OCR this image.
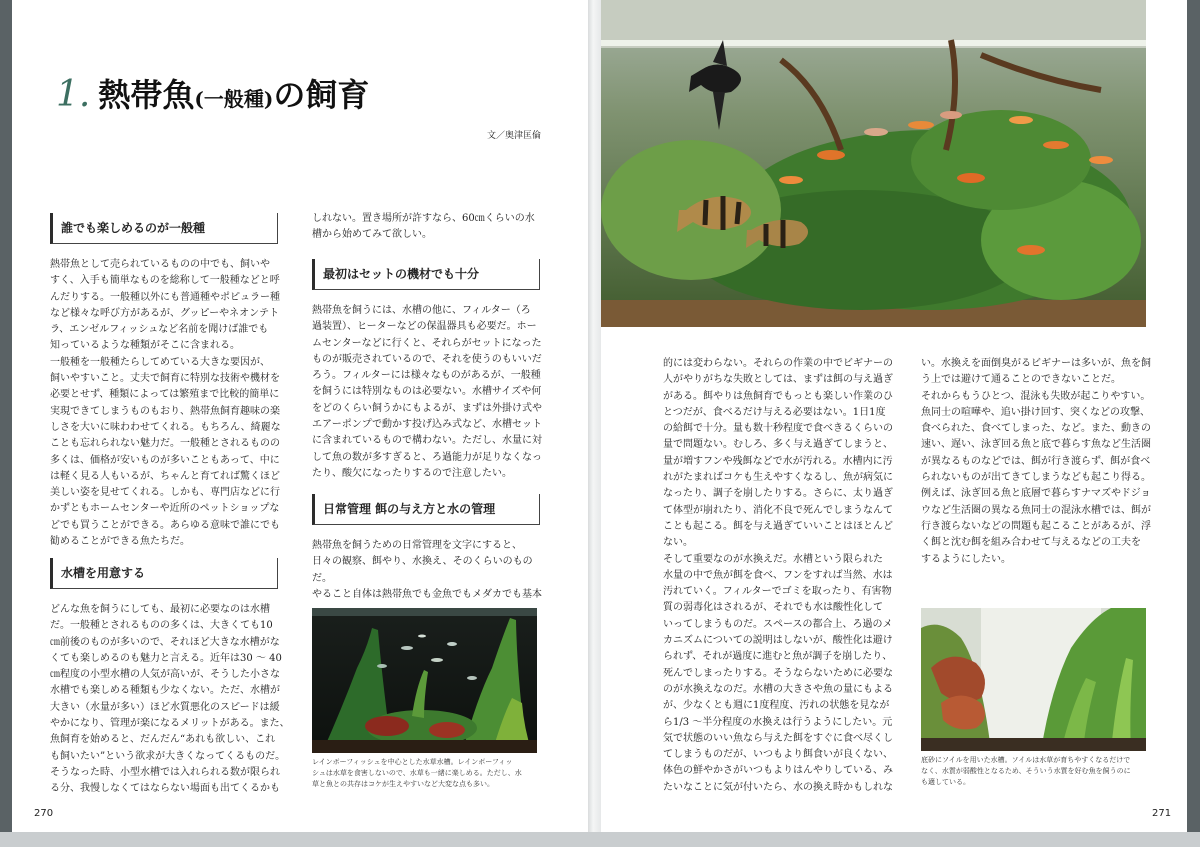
1. 熱帯魚(一般種)の飼育
文／奥津匡倫
誰でも楽しめるのが一般種
熱帯魚として売られているものの中でも、飼いや
すく、入手も簡単なものを総称して一般種などと呼
んだりする。一般種以外にも普通種やポピュラー種
など様々な呼び方があるが、グッピーやネオンテト
ラ、エンゼルフィッシュなど名前を聞けば誰でも
知っているような種類がそこに含まれる。
一般種を一般種たらしてめている大きな要因が、
飼いやすいこと。丈夫で飼育に特別な技術や機材を
必要とせず、種類によっては繁殖まで比較的簡単に
実現できてしまうものもおり、熱帯魚飼育趣味の楽
しさを大いに味わわせてくれる。もちろん、綺麗な
ことも忘れられない魅力だ。一般種とされるものの
多くは、価格が安いものが多いこともあって、中に
は軽く見る人もいるが、ちゃんと育てれば驚くほど
美しい姿を見せてくれる。しかも、専門店などに行
かずともホームセンターや近所のペットショップな
どでも買うことができる。あらゆる意味で誰にでも
勧めることができる魚たちだ。
水槽を用意する
どんな魚を飼うにしても、最初に必要なのは水槽
だ。一般種とされるものの多くは、大きくても10
㎝前後のものが多いので、それほど大きな水槽がな
くても楽しめるのも魅力と言える。近年は30 ～ 40
㎝程度の小型水槽の人気が高いが、そうした小さな
水槽でも楽しめる種類も少なくない。ただ、水槽が
大きい（水量が多い）ほど水質悪化のスピードは緩
やかになり、管理が楽になるメリットがある。また、
魚飼育を始めると、だんだん“あれも欲しい、これ
も飼いたい”という欲求が大きくなってくるものだ。
そうなった時、小型水槽では入れられる数が限られ
る分、我慢しなくてはならない場面も出てくるかも
しれない。置き場所が許すなら、60㎝くらいの水
槽から始めてみて欲しい。
最初はセットの機材でも十分
熱帯魚を飼うには、水槽の他に、フィルター（ろ
過装置）、ヒーターなどの保温器具も必要だ。ホー
ムセンターなどに行くと、それらがセットになった
ものが販売されているので、それを使うのもいいだ
ろう。フィルターには様々なものがあるが、一般種
を飼うには特別なものは必要ない。水槽サイズや何
をどのくらい飼うかにもよるが、まずは外掛け式や
エアーポンプで動かす投げ込み式など、水槽セット
に含まれているもので構わない。ただし、水量に対
して魚の数が多すぎると、ろ過能力が足りなくなっ
たり、酸欠になったりするので注意したい。
日常管理 餌の与え方と水の管理
熱帯魚を飼うための日常管理を文字にすると、
日々の観察、餌やり、水換え、そのくらいのものだ。
やること自体は熱帯魚でも金魚でもメダカでも基本
レインボーフィッシュを中心とした水草水槽。レインボーフィッ
シュは水草を食害しないので、水草も一緒に楽しめる。ただし、水
草と魚との共存はコケが生えやすいなど大変な点も多い。
270
的には変わらない。それらの作業の中でビギナーの
人がやりがちな失敗としては、まずは餌の与え過ぎ
がある。餌やりは魚飼育でもっとも楽しい作業のひ
とつだが、食べるだけ与える必要はない。1日1度
の給餌で十分。量も数十秒程度で食べきるくらいの
量で問題ない。むしろ、多く与え過ぎてしまうと、
量が増すフンや残餌などで水が汚れる。水槽内に汚
れがたまればコケも生えやすくなるし、魚が病気に
なったり、調子を崩したりする。さらに、太り過ぎ
て体型が崩れたり、消化不良で死んでしまうなんて
ことも起こる。餌を与え過ぎていいことはほとんど
ない。
そして重要なのが水換えだ。水槽という限られた
水量の中で魚が餌を食べ、フンをすれば当然、水は
汚れていく。フィルターでゴミを取ったり、有害物
質の弱毒化はされるが、それでも水は酸性化して
いってしまうものだ。スペースの都合上、ろ過のメ
カニズムについての説明はしないが、酸性化は避け
られず、それが過度に進むと魚が調子を崩したり、
死んでしまったりする。そうならないために必要な
のが水換えなのだ。水槽の大きさや魚の量にもよる
が、少なくとも週に1度程度、汚れの状態を見なが
ら1/3 ～半分程度の水換えは行うようにしたい。元
気で状態のいい魚なら与えた餌をすぐに食べ尽くし
てしまうものだが、いつもより餌食いが良くない、
体色の鮮やかさがいつもよりはんやりしている、み
たいなことに気が付いたら、水の換え時かもしれな
い。水換えを面倒臭がるビギナーは多いが、魚を飼
う上では避けて通ることのできないことだ。
それからもうひとつ、混泳も失敗が起こりやすい。
魚同士の喧嘩や、追い掛け回す、突くなどの攻撃、
食べられた、食べてしまった、など。また、動きの
速い、遅い、泳ぎ回る魚と底で暮らす魚など生活圏
が異なるものなどでは、餌が行き渡らず、餌が食べ
られないものが出てきてしまうなども起こり得る。
例えば、泳ぎ回る魚と底層で暮らすナマズやドジョ
ウなど生活圏の異なる魚同士の混泳水槽では、餌が
行き渡らないなどの問題も起こることがあるが、浮
く餌と沈む餌を組み合わせて与えるなどの工夫を
するようにしたい。
底砂にソイルを用いた水槽。ソイルは水草が育ちやすくなるだけで
なく、水質が弱酸性となるため、そういう水質を好む魚を飼うのに
も適している。
271
